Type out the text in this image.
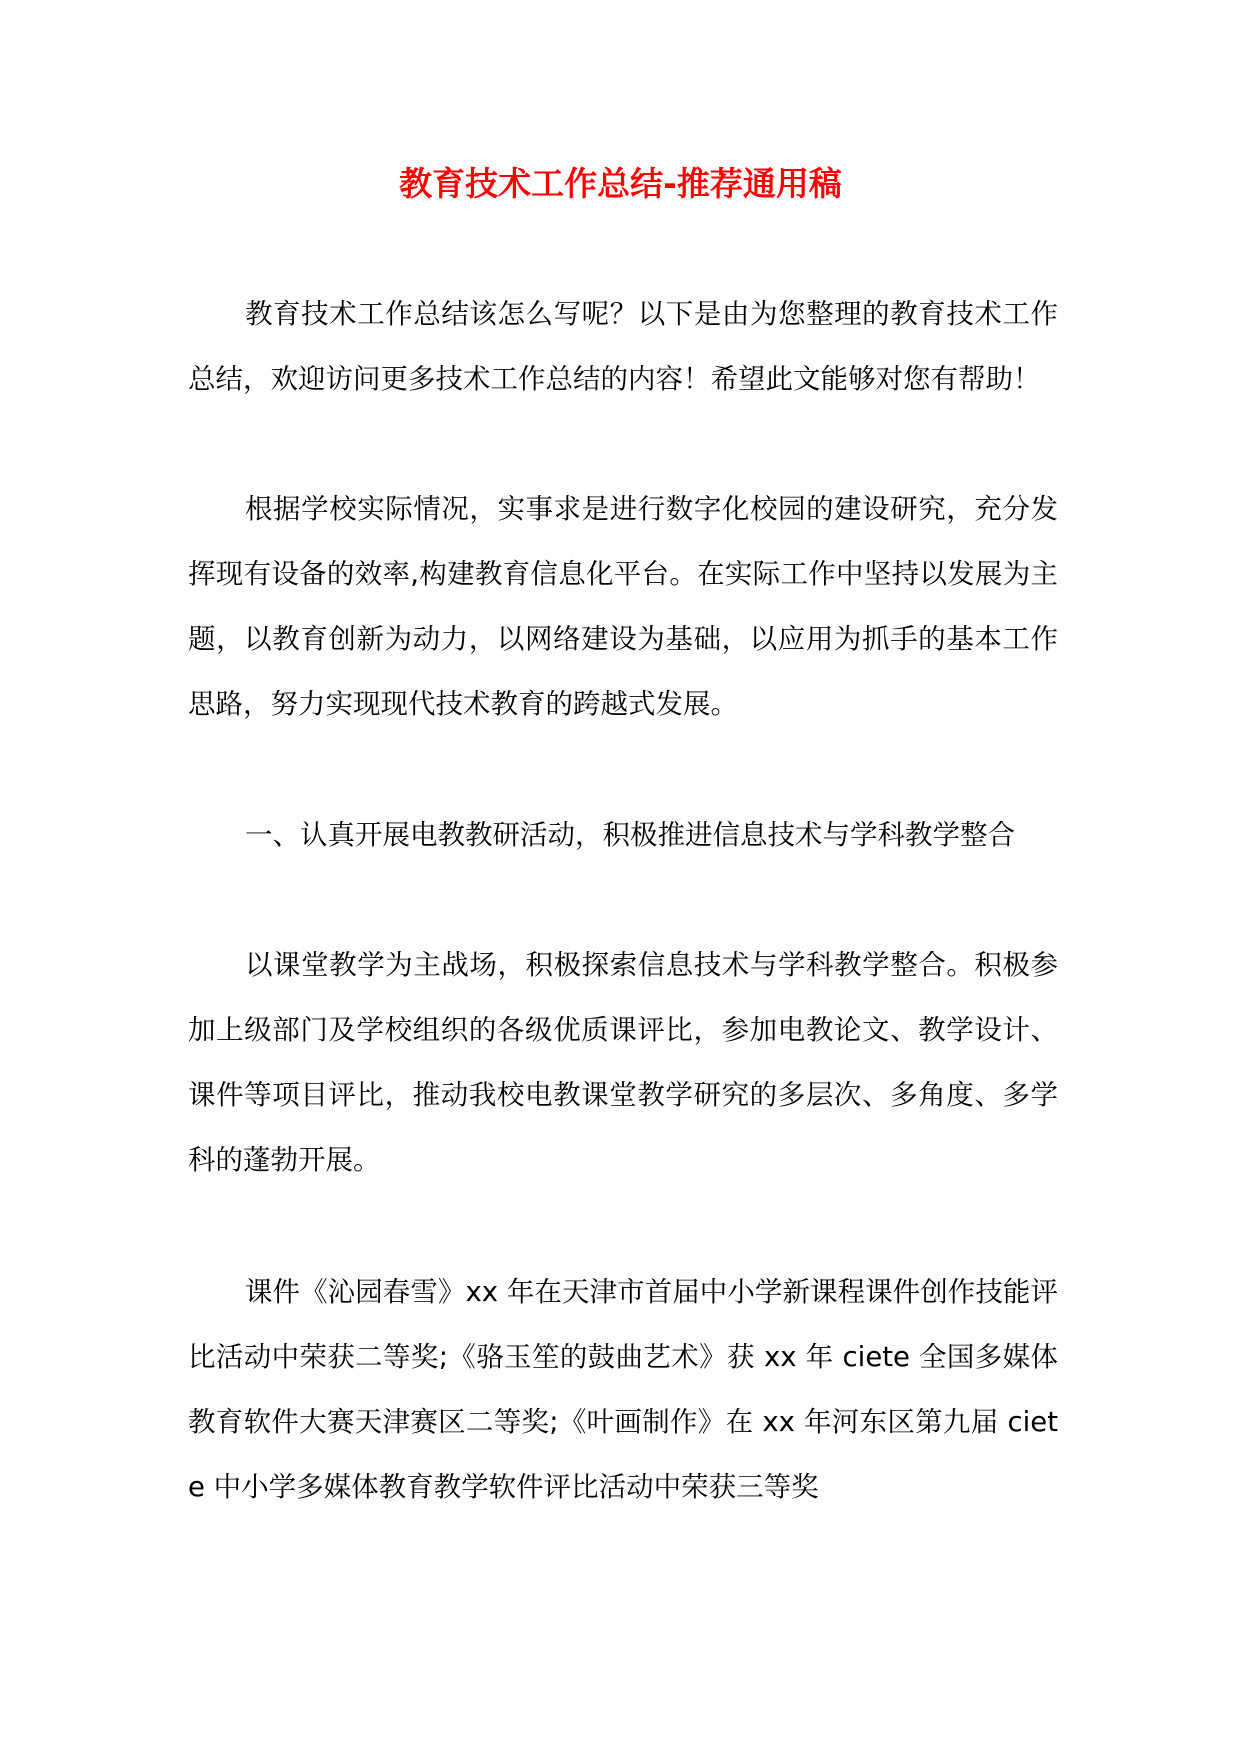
教育技术工作总结-推荐通用稿

教育技术工作总结该怎么写呢？以下是由为您整理的教育技术工作总结，欢迎访问更多技术工作总结的内容！希望此文能够对您有帮助！

根据学校实际情况，实事求是进行数字化校园的建设研究，充分发挥现有设备的效率,构建教育信息化平台。在实际工作中坚持以发展为主题，以教育创新为动力，以网络建设为基础，以应用为抓手的基本工作思路，努力实现现代技术教育的跨越式发展。

一、认真开展电教教研活动，积极推进信息技术与学科教学整合

以课堂教学为主战场，积极探索信息技术与学科教学整合。积极参加上级部门及学校组织的各级优质课评比，参加电教论文、教学设计、课件等项目评比，推动我校电教课堂教学研究的多层次、多角度、多学科的蓬勃开展。

课件《沁园春雪》xx 年在天津市首届中小学新课程课件创作技能评比活动中荣获二等奖;《骆玉笙的鼓曲艺术》获 xx 年 ciete 全国多媒体教育软件大赛天津赛区二等奖;《叶画制作》在 xx 年河东区第九届 ciete 中小学多媒体教育教学软件评比活动中荣获三等奖
